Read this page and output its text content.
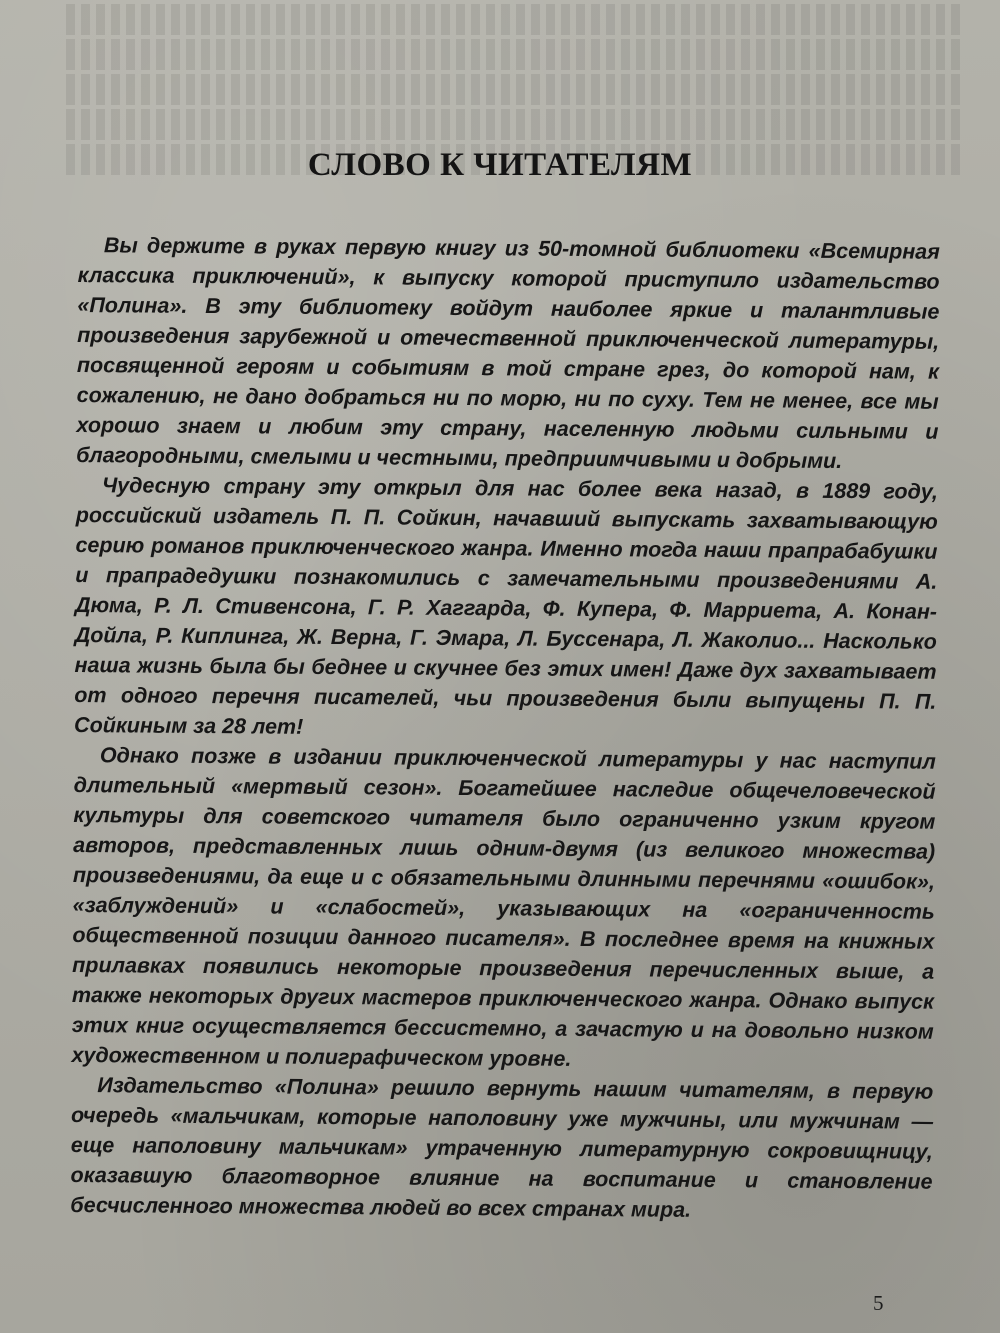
СЛОВО К ЧИТАТЕЛЯМ

Вы держите в руках первую книгу из 50-томной библиотеки «Всемирная классика приключений», к выпуску которой приступило издательство «Полина». В эту библиотеку войдут наиболее яркие и талантливые произведения зарубежной и отечественной приключенческой литературы, посвященной героям и событиям в той стране грез, до которой нам, к сожалению, не дано добраться ни по морю, ни по суху. Тем не менее, все мы хорошо знаем и любим эту страну, населенную людьми сильными и благородными, смелыми и честными, предприимчивыми и добрыми.

Чудесную страну эту открыл для нас более века назад, в 1889 году, российский издатель П. П. Сойкин, начавший выпускать захватывающую серию романов приключенческого жанра. Именно тогда наши прапрабабушки и прапрадедушки познакомились с замечательными произведениями А. Дюма, Р. Л. Стивенсона, Г. Р. Хаггарда, Ф. Купера, Ф. Марриета, А. Конан-Дойла, Р. Киплинга, Ж. Верна, Г. Эмара, Л. Буссенара, Л. Жаколио... Насколько наша жизнь была бы беднее и скучнее без этих имен! Даже дух захватывает от одного перечня писателей, чьи произведения были выпущены П. П. Сойкиным за 28 лет!

Однако позже в издании приключенческой литературы у нас наступил длительный «мертвый сезон». Богатейшее наследие общечеловеческой культуры для советского читателя было ограниченно узким кругом авторов, представленных лишь одним-двумя (из великого множества) произведениями, да еще и с обязательными длинными перечнями «ошибок», «заблуждений» и «слабостей», указывающих на «ограниченность общественной позиции данного писателя». В последнее время на книжных прилавках появились некоторые произведения перечисленных выше, а также некоторых других мастеров приключенческого жанра. Однако выпуск этих книг осуществляется бессистемно, а зачастую и на довольно низком художественном и полиграфическом уровне.

Издательство «Полина» решило вернуть нашим читателям, в первую очередь «мальчикам, которые наполовину уже мужчины, или мужчинам — еще наполовину мальчикам» утраченную литературную сокровищницу, оказавшую благотворное влияние на воспитание и становление бесчисленного множества людей во всех странах мира.

5
